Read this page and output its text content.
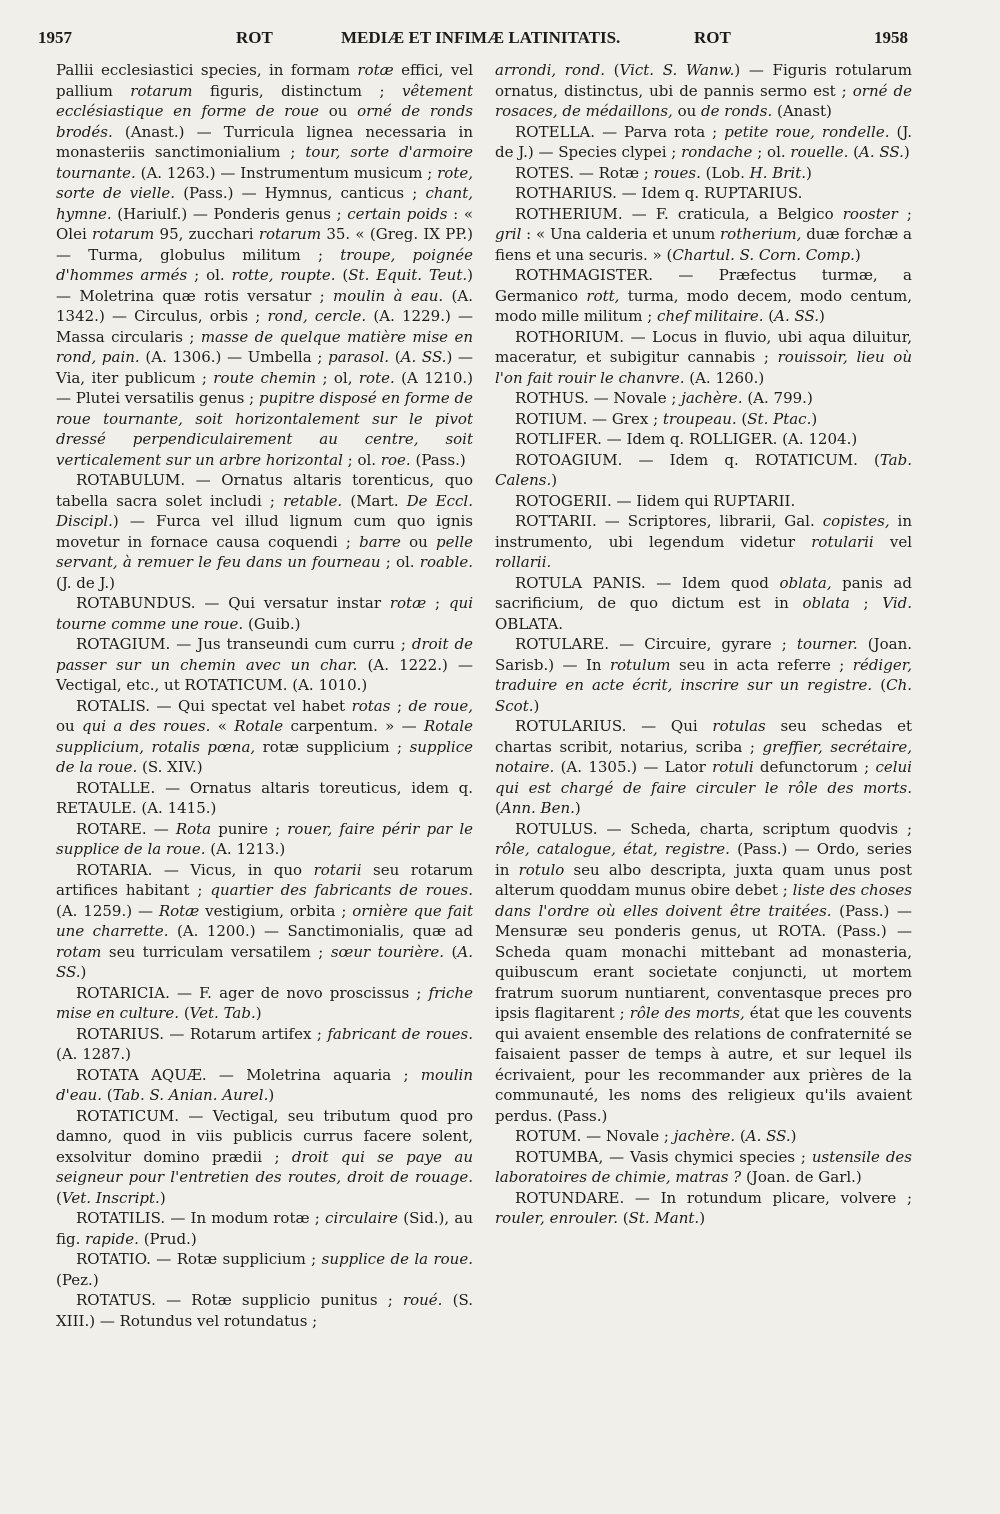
1957	ROT	MEDIÆ ET INFIMÆ LATINITATIS.	ROT	1958

Pallii ecclesiastici species, in formam rotæ effici, vel pallium rotarum figuris, distinctum ; vêtement ecclésiastique en forme de roue ou orné de ronds brodés. (Anast.) — Turricula lignea necessaria in monasteriis sanctimonialium ; tour, sorte d'armoire tournante. (A. 1263.) — Instrumentum musicum ; rote, sorte de vielle. (Pass.) — Hymnus, canticus ; chant, hymne. (Hariulf.) — Ponderis genus ; certain poids : « Olei rotarum 95, zucchari rotarum 35. « (Greg. IX PP.) — Turma, globulus militum ; troupe, poignée d'hommes armés ; ol. rotte, roupte. (St. Equit. Teut.) — Moletrina quæ rotis versatur ; moulin à eau. (A. 1342.) — Circulus, orbis ; rond, cercle. (A. 1229.) — Massa circularis ; masse de quelque matière mise en rond, pain. (A. 1306.) — Umbella ; parasol. (A. SS.) — Via, iter publicum ; route chemin ; ol, rote. (A 1210.) — Plutei versatilis genus ; pupitre disposé en forme de roue tournante, soit horizontalement sur le pivot dressé perpendiculairement au centre, soit verticalement sur un arbre horizontal ; ol. roe. (Pass.)

ROTABULUM. — Ornatus altaris torenticus, quo tabella sacra solet includi ; retable. (Mart. De Eccl. Discipl.) — Furca vel illud lignum cum quo ignis movetur in fornace causa coquendi ; barre ou pelle servant, à remuer le feu dans un fourneau ; ol. roable. (J. de J.)

ROTABUNDUS. — Qui versatur instar rotæ ; qui tourne comme une roue. (Guib.)

ROTAGIUM. — Jus transeundi cum curru ; droit de passer sur un chemin avec un char. (A. 1222.) — Vectigal, etc., ut ROTATICUM. (A. 1010.)

ROTALIS. — Qui spectat vel habet rotas ; de roue, ou qui a des roues. « Rotale carpentum. » — Rotale supplicium, rotalis pœna, rotæ supplicium ; supplice de la roue. (S. XIV.)

ROTALLE. — Ornatus altaris toreuticus, idem q. RETAULE. (A. 1415.)

ROTARE. — Rota punire ; rouer, faire périr par le supplice de la roue. (A. 1213.)

ROTARIA. — Vicus, in quo rotarii seu rotarum artifices habitant ; quartier des fabricants de roues. (A. 1259.) — Rotæ vestigium, orbita ; ornière que fait une charrette. (A. 1200.) — Sanctimonialis, quæ ad rotam seu turriculam versatilem ; sœur tourière. (A. SS.)

ROTARICIA. — F. ager de novo proscissus ; friche mise en culture. (Vet. Tab.)

ROTARIUS. — Rotarum artifex ; fabricant de roues. (A. 1287.)

ROTATA AQUÆ. — Moletrina aquaria ; moulin d'eau. (Tab. S. Anian. Aurel.)

ROTATICUM. — Vectigal, seu tributum quod pro damno, quod in viis publicis currus facere solent, exsolvitur domino prædii ; droit qui se paye au seigneur pour l'entretien des routes, droit de rouage. (Vet. Inscript.)

ROTATILIS. — In modum rotæ ; circulaire (Sid.), au fig. rapide. (Prud.)

ROTATIO. — Rotæ supplicium ; supplice de la roue. (Pez.)

ROTATUS. — Rotæ supplicio punitus ; roué. (S. XIII.) — Rotundus vel rotundatus ;

arrondi, rond. (Vict. S. Wanw.) — Figuris rotularum ornatus, distinctus, ubi de pannis sermo est ; orné de rosaces, de médaillons, ou de ronds. (Anast)

ROTELLA. — Parva rota ; petite roue, rondelle. (J. de J.) — Species clypei ; rondache ; ol. rouelle. (A. SS.)

ROTES. — Rotæ ; roues. (Lob. H. Brit.)

ROTHARIUS. — Idem q. RUPTARIUS.

ROTHERIUM. — F. craticula, a Belgico rooster ; gril : « Una calderia et unum rotherium, duæ forchæ a fiens et una securis. » (Chartul. S. Corn. Comp.)

ROTHMAGISTER. — Præfectus turmæ, a Germanico rott, turma, modo decem, modo centum, modo mille militum ; chef militaire. (A. SS.)

ROTHORIUM. — Locus in fluvio, ubi aqua diluitur, maceratur, et subigitur cannabis ; rouissoir, lieu où l'on fait rouir le chanvre. (A. 1260.)

ROTHUS. — Novale ; jachère. (A. 799.)

ROTIUM. — Grex ; troupeau. (St. Ptac.)

ROTLIFER. — Idem q. ROLLIGER. (A. 1204.)

ROTOAGIUM. — Idem q. ROTATICUM. (Tab. Calens.)

ROTOGERII. — Iidem qui RUPTARII.

ROTTARII. — Scriptores, librarii, Gal. copistes, in instrumento, ubi legendum videtur rotularii vel rollarii.

ROTULA PANIS. — Idem quod oblata, panis ad sacrificium, de quo dictum est in oblata ; Vid. OBLATA.

ROTULARE. — Circuire, gyrare ; tourner. (Joan. Sarisb.) — In rotulum seu in acta referre ; rédiger, traduire en acte écrit, inscrire sur un registre. (Ch. Scot.)

ROTULARIUS. — Qui rotulas seu schedas et chartas scribit, notarius, scriba ; greffier, secrétaire, notaire. (A. 1305.) — Lator rotuli defunctorum ; celui qui est chargé de faire circuler le rôle des morts. (Ann. Ben.)

ROTULUS. — Scheda, charta, scriptum quodvis ; rôle, catalogue, état, registre. (Pass.) — Ordo, series in rotulo seu albo descripta, juxta quam unus post alterum quoddam munus obire debet ; liste des choses dans l'ordre où elles doivent être traitées. (Pass.) — Mensuræ seu ponderis genus, ut ROTA. (Pass.) — Scheda quam monachi mittebant ad monasteria, quibuscum erant societate conjuncti, ut mortem fratrum suorum nuntiarent, conventasque preces pro ipsis flagitarent ; rôle des morts, état que les couvents qui avaient ensemble des relations de confraternité se faisaient passer de temps à autre, et sur lequel ils écrivaient, pour les recommander aux prières de la communauté, les noms des religieux qu'ils avaient perdus. (Pass.)

ROTUM. — Novale ; jachère. (A. SS.)

ROTUMBA, — Vasis chymici species ; ustensile des laboratoires de chimie, matras ? (Joan. de Garl.)

ROTUNDARE. — In rotundum plicare, volvere ; rouler, enrouler. (St. Mant.)
